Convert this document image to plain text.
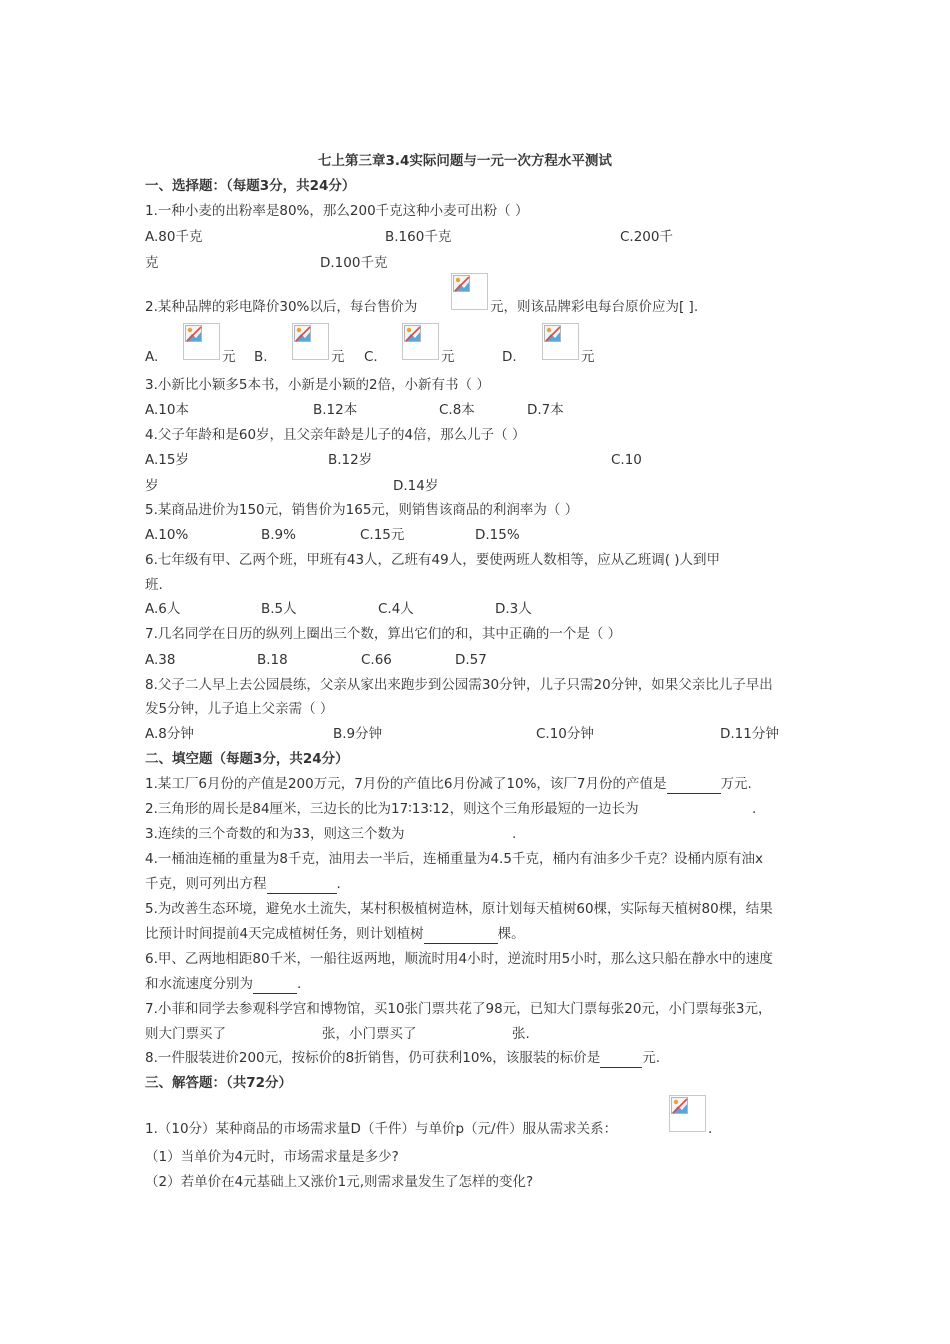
七上第三章3.4实际问题与一元一次方程水平测试
一、选择题：（每题3分，共24分）
1.一种小麦的出粉率是80%，那么200千克这种小麦可出粉（ ）
A.80千克	B.160千克	C.200千
克	D.100千克
2.某种品牌的彩电降价30%以后，每台售价为	元，则该品牌彩电每台原价应为[ ].
A.	元 B.	元 C.	元	D.	元
3.小新比小颖多5本书，小新是小颖的2倍，小新有书（ ）
A.10本	B.12本	C.8本	D.7本
4.父子年龄和是60岁，且父亲年龄是儿子的4倍，那么儿子（ ）
A.15岁	B.12岁	C.10
岁	D.14岁
5.某商品进价为150元，销售价为165元，则销售该商品的利润率为（ ）
A.10%	B.9%	C.15元	D.15%
6.七年级有甲、乙两个班，甲班有43人，乙班有49人，要使两班人数相等，应从乙班调( )人到甲
班.
A.6人	B.5人	C.4人	D.3人
7.几名同学在日历的纵列上圈出三个数，算出它们的和，其中正确的一个是（ ）
A.38	B.18	C.66	D.57
8.父子二人早上去公园晨练，父亲从家出来跑步到公园需30分钟，儿子只需20分钟，如果父亲比儿子早出
发5分钟，儿子追上父亲需（ ）
A.8分钟	B.9分钟	C.10分钟	D.11分钟
二、填空题（每题3分，共24分）
1.某工厂6月份的产值是200万元，7月份的产值比6月份减了10%，该厂7月份的产值是	万元.
2.三角形的周长是84厘米，三边长的比为17∶13∶12，则这个三角形最短的一边长为	.
3.连续的三个奇数的和为33，则这三个数为	.
4.一桶油连桶的重量为8千克，油用去一半后，连桶重量为4.5千克，桶内有油多少千克？设桶内原有油x
千克，则可列出方程	.
5.为改善生态环境，避免水土流失，某村积极植树造林，原计划每天植树60棵，实际每天植树80棵，结果
比预计时间提前4天完成植树任务，则计划植树	棵。
6.甲、乙两地相距80千米，一船往返两地，顺流时用4小时，逆流时用5小时，那么这只船在静水中的速度
和水流速度分别为	.
7.小菲和同学去参观科学宫和博物馆，买10张门票共花了98元，已知大门票每张20元，小门票每张3元，
则大门票买了	张，小门票买了	张.
8.一件服装进价200元，按标价的8折销售，仍可获利10%，该服装的标价是	元.
三、解答题：（共72分）
1.（10分）某种商品的市场需求量D（千件）与单价p（元/件）服从需求关系：	.
（1）当单价为4元时，市场需求量是多少?
（2）若单价在4元基础上又涨价1元,则需求量发生了怎样的变化?
